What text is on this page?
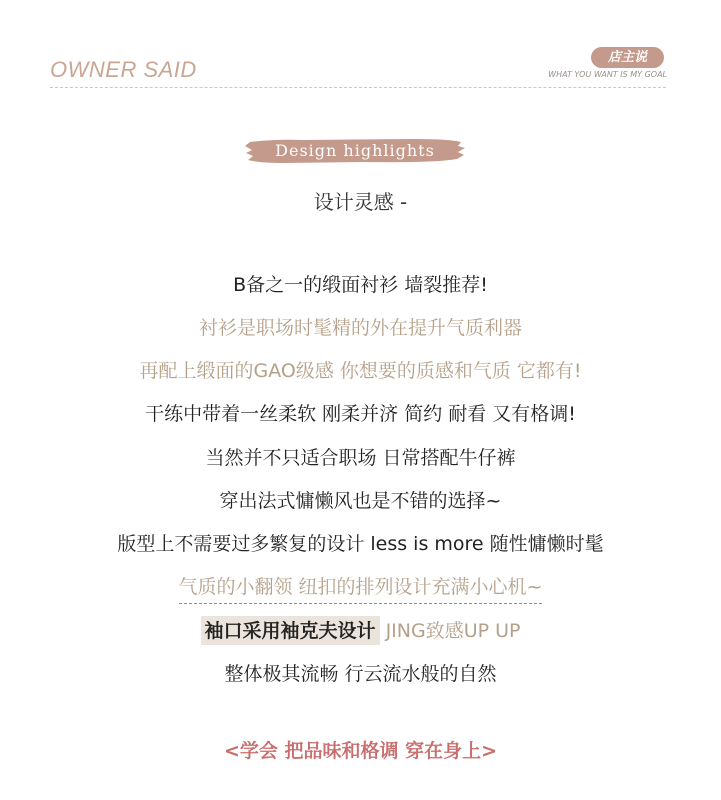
OWNER SAID	店主说
WHAT YOU WANT IS MY GOAL
Design highlights
设计灵感 -
B备之一的缎面衬衫 墙裂推荐!
衬衫是职场时髦精的外在提升气质利器
再配上缎面的GAO级感 你想要的质感和气质 它都有!
干练中带着一丝柔软 刚柔并济 简约 耐看 又有格调!
当然并不只适合职场 日常搭配牛仔裤
穿出法式慵懒风也是不错的选择~
版型上不需要过多繁复的设计 less is more 随性慵懒时髦
气质的小翻领 纽扣的排列设计充满小心机~
袖口采用袖克夫设计 JING致感UP UP
整体极其流畅 行云流水般的自然
<学会 把品味和格调 穿在身上>
